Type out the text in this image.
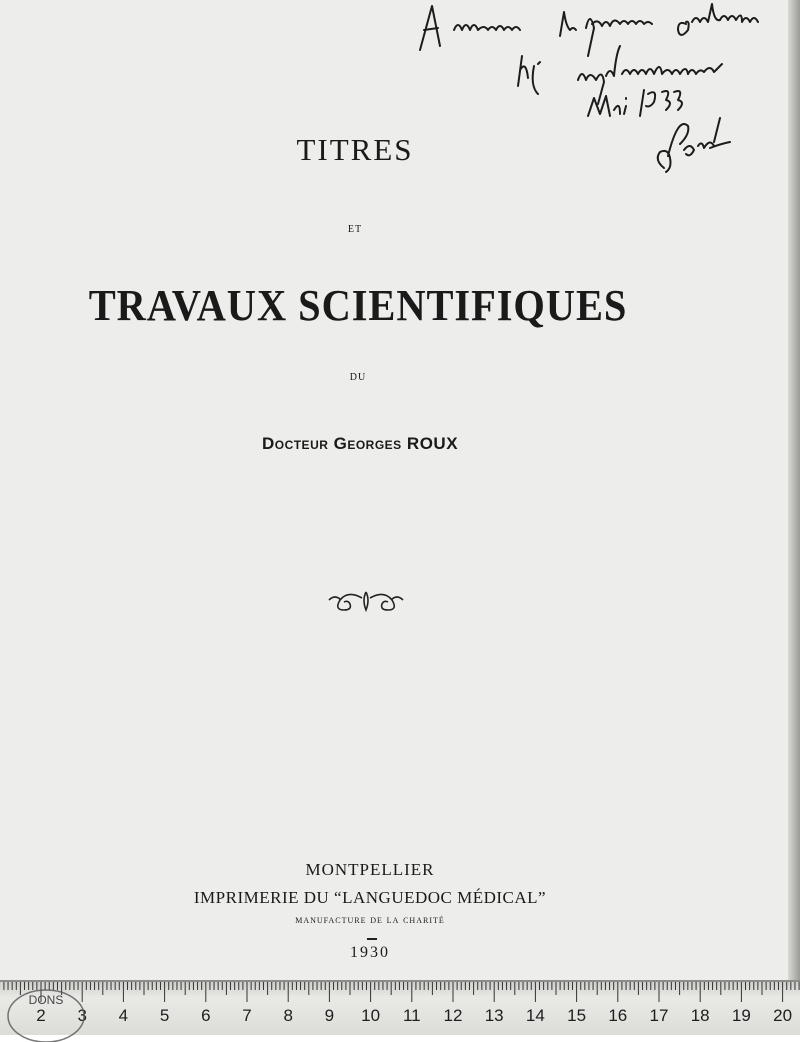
TITRES
ET
TRAVAUX SCIENTIFIQUES
DU
Docteur Georges ROUX
MONTPELLIER
IMPRIMERIE DU “LANGUEDOC MÉDICAL”
manufacture de la charité
1930
2 3 4 5 6 7 8 9 10 11 12 13 14 15 16 17 18 19 20
DONS
